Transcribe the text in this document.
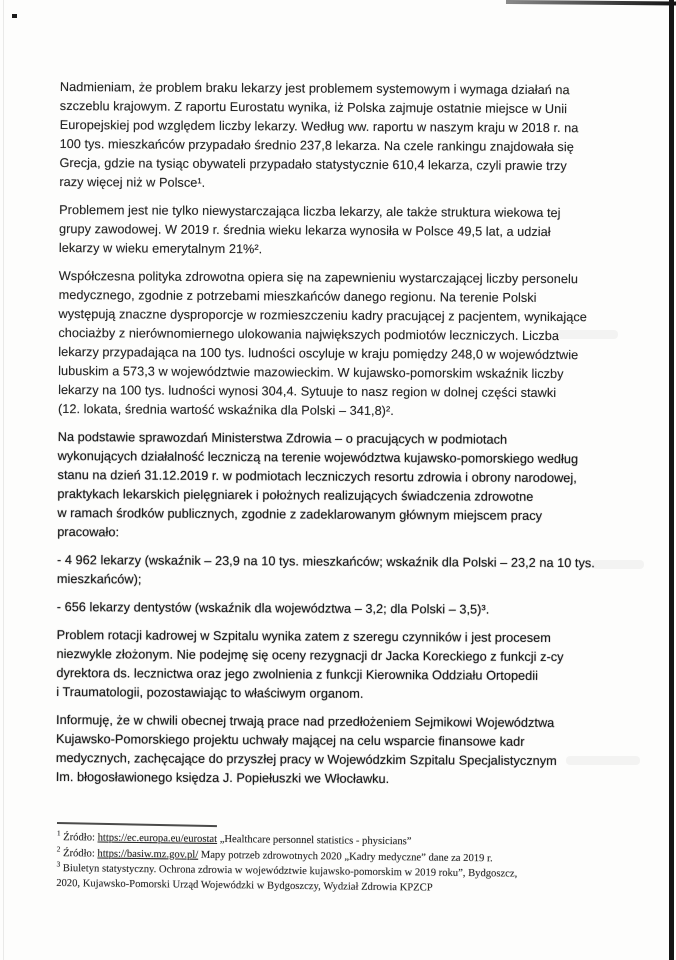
Nadmieniam, że problem braku lekarzy jest problemem systemowym i wymaga działań na
szczeblu krajowym. Z raportu Eurostatu wynika, iż Polska zajmuje ostatnie miejsce w Unii
Europejskiej pod względem liczby lekarzy. Według ww. raportu w naszym kraju w 2018 r. na
100 tys. mieszkańców przypadało średnio 237,8 lekarza. Na czele rankingu znajdowała się
Grecja, gdzie na tysiąc obywateli przypadało statystycznie 610,4 lekarza, czyli prawie trzy
razy więcej niż w Polsce¹.

Problemem jest nie tylko niewystarczająca liczba lekarzy, ale także struktura wiekowa tej
grupy zawodowej. W 2019 r. średnia wieku lekarza wynosiła w Polsce 49,5 lat, a udział
lekarzy w wieku emerytalnym 21%².

Współczesna polityka zdrowotna opiera się na zapewnieniu wystarczającej liczby personelu
medycznego, zgodnie z potrzebami mieszkańców danego regionu. Na terenie Polski
występują znaczne dysproporcje w rozmieszczeniu kadry pracującej z pacjentem, wynikające
chociażby z nierównomiernego ulokowania największych podmiotów leczniczych. Liczba
lekarzy przypadająca na 100 tys. ludności oscyluje w kraju pomiędzy 248,0 w województwie
lubuskim a 573,3 w województwie mazowieckim. W kujawsko-pomorskim wskaźnik liczby
lekarzy na 100 tys. ludności wynosi 304,4. Sytuuje to nasz region w dolnej części stawki
(12. lokata, średnia wartość wskaźnika dla Polski – 341,8)².

Na podstawie sprawozdań Ministerstwa Zdrowia – o pracujących w podmiotach
wykonujących działalność leczniczą na terenie województwa kujawsko-pomorskiego według
stanu na dzień 31.12.2019 r. w podmiotach leczniczych resortu zdrowia i obrony narodowej,
praktykach lekarskich pielęgniarek i położnych realizujących świadczenia zdrowotne
w ramach środków publicznych, zgodnie z zadeklarowanym głównym miejscem pracy
pracowało:

- 4 962 lekarzy (wskaźnik – 23,9 na 10 tys. mieszkańców; wskaźnik dla Polski – 23,2 na 10 tys.
mieszkańców);

- 656 lekarzy dentystów (wskaźnik dla województwa – 3,2; dla Polski – 3,5)³.

Problem rotacji kadrowej w Szpitalu wynika zatem z szeregu czynników i jest procesem
niezwykle złożonym. Nie podejmę się oceny rezygnacji dr Jacka Koreckiego z funkcji z-cy
dyrektora ds. lecznictwa oraz jego zwolnienia z funkcji Kierownika Oddziału Ortopedii
i Traumatologii, pozostawiając to właściwym organom.

Informuję, że w chwili obecnej trwają prace nad przedłożeniem Sejmikowi Województwa
Kujawsko-Pomorskiego projektu uchwały mającej na celu wsparcie finansowe kadr
medycznych, zachęcające do przyszłej pracy w Wojewódzkim Szpitalu Specjalistycznym
Im. błogosławionego księdza J. Popiełuszki we Włocławku.

$^1$ Źródło: https://ec.europa.eu/eurostat „Healthcare personnel statistics - physicians”

$^2$ Źródło: https://basiw.mz.gov.pl/ Mapy potrzeb zdrowotnych 2020 „Kadry medyczne” dane za 2019 r.

$^3$ Biuletyn statystyczny. Ochrona zdrowia w województwie kujawsko-pomorskim w 2019 roku”, Bydgoszcz,
2020, Kujawsko-Pomorski Urząd Wojewódzki w Bydgoszczy, Wydział Zdrowia KPZCP
